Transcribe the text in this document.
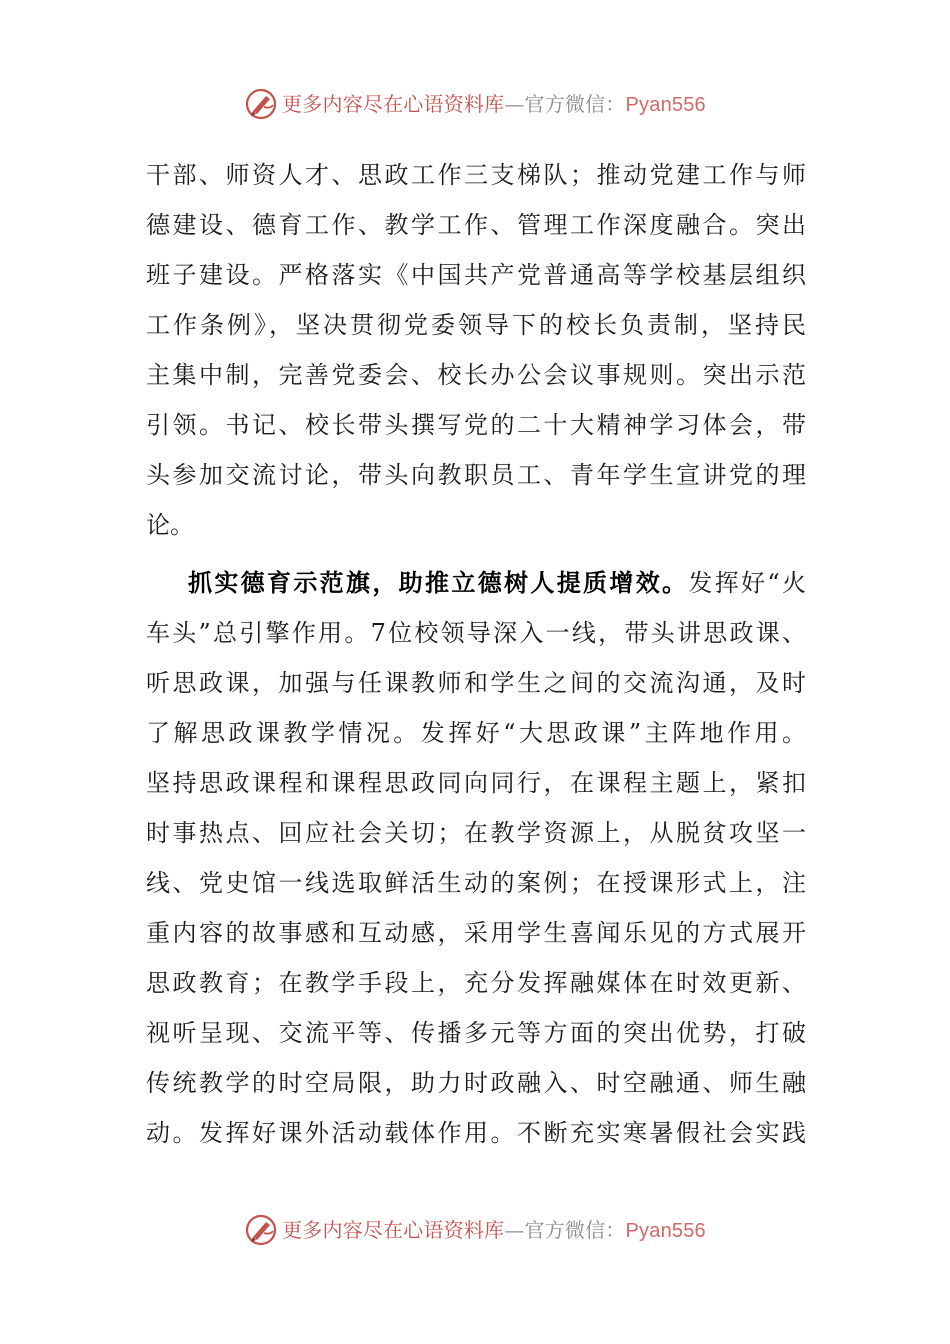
更多内容尽在心语资料库—官方微信：Pyan556
干部、师资人才、思政工作三支梯队；推动党建工作与师
德建设、德育工作、教学工作、管理工作深度融合。突出
班子建设。严格落实《中国共产党普通高等学校基层组织
工作条例》，坚决贯彻党委领导下的校长负责制，坚持民
主集中制，完善党委会、校长办公会议事规则。突出示范
引领。书记、校长带头撰写党的二十大精神学习体会，带
头参加交流讨论，带头向教职员工、青年学生宣讲党的理
论。
抓实德育示范旗，助推立德树人提质增效。发挥好“火
车头”总引擎作用。7位校领导深入一线，带头讲思政课、
听思政课，加强与任课教师和学生之间的交流沟通，及时
了解思政课教学情况。发挥好“大思政课”主阵地作用。
坚持思政课程和课程思政同向同行，在课程主题上，紧扣
时事热点、回应社会关切；在教学资源上，从脱贫攻坚一
线、党史馆一线选取鲜活生动的案例；在授课形式上，注
重内容的故事感和互动感，采用学生喜闻乐见的方式展开
思政教育；在教学手段上，充分发挥融媒体在时效更新、
视听呈现、交流平等、传播多元等方面的突出优势，打破
传统教学的时空局限，助力时政融入、时空融通、师生融
动。发挥好课外活动载体作用。不断充实寒暑假社会实践
更多内容尽在心语资料库—官方微信：Pyan556
